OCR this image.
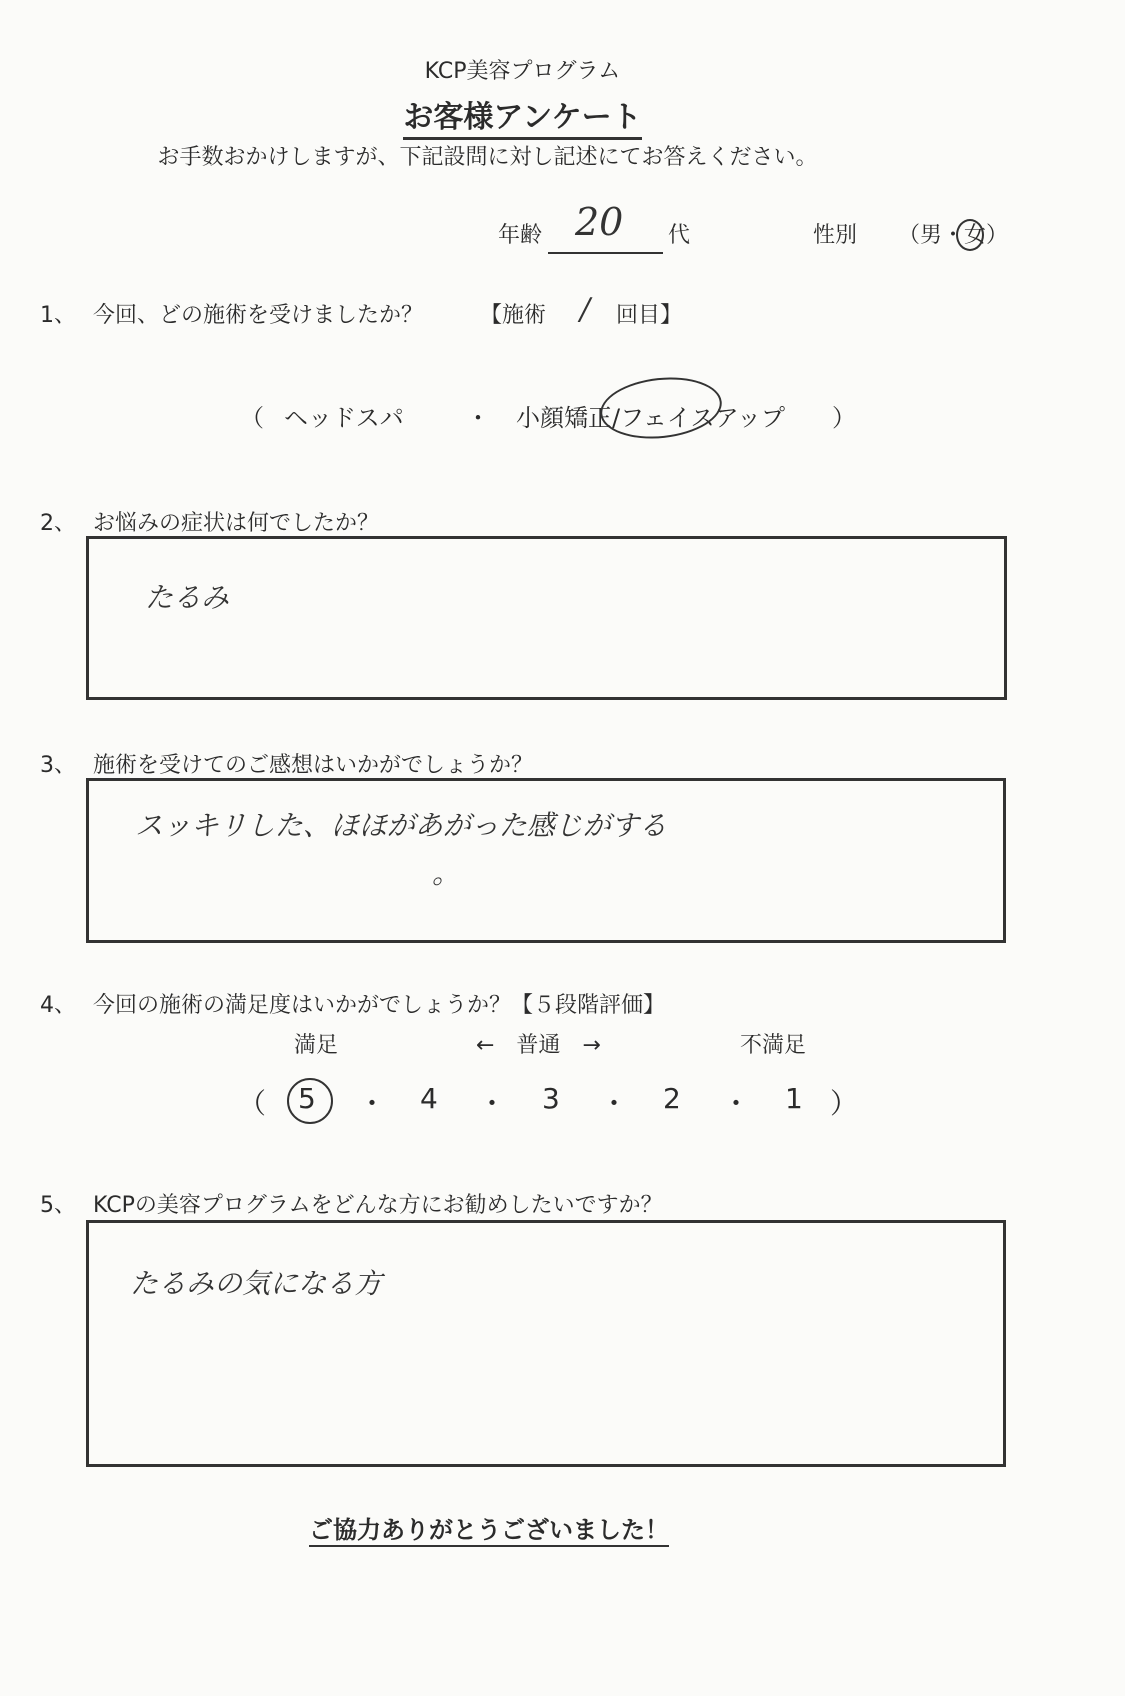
KCP美容プログラム
お客様アンケート
お手数おかけしますが、下記設問に対し記述にてお答えください。
年齢 20 代	性別 （男・女）
1、 今回、どの施術を受けましたか？	【施術 / 回目】
（ ヘッドスパ	・ 小顔矯正/フェイスアップ ）
2、 お悩みの症状は何でしたか？
たるみ
3、 施術を受けてのご感想はいかがでしょうか？
スッキリした、ほほがあがった感じがする
。
4、 今回の施術の満足度はいかがでしょうか？【５段階評価】
満足	←　普通　→	不満足
（ 5 ・ 4 ・ 3 ・ 2 ・ 1 ）
5、 KCPの美容プログラムをどんな方にお勧めしたいですか？
たるみの気になる方
ご協力ありがとうございました！
